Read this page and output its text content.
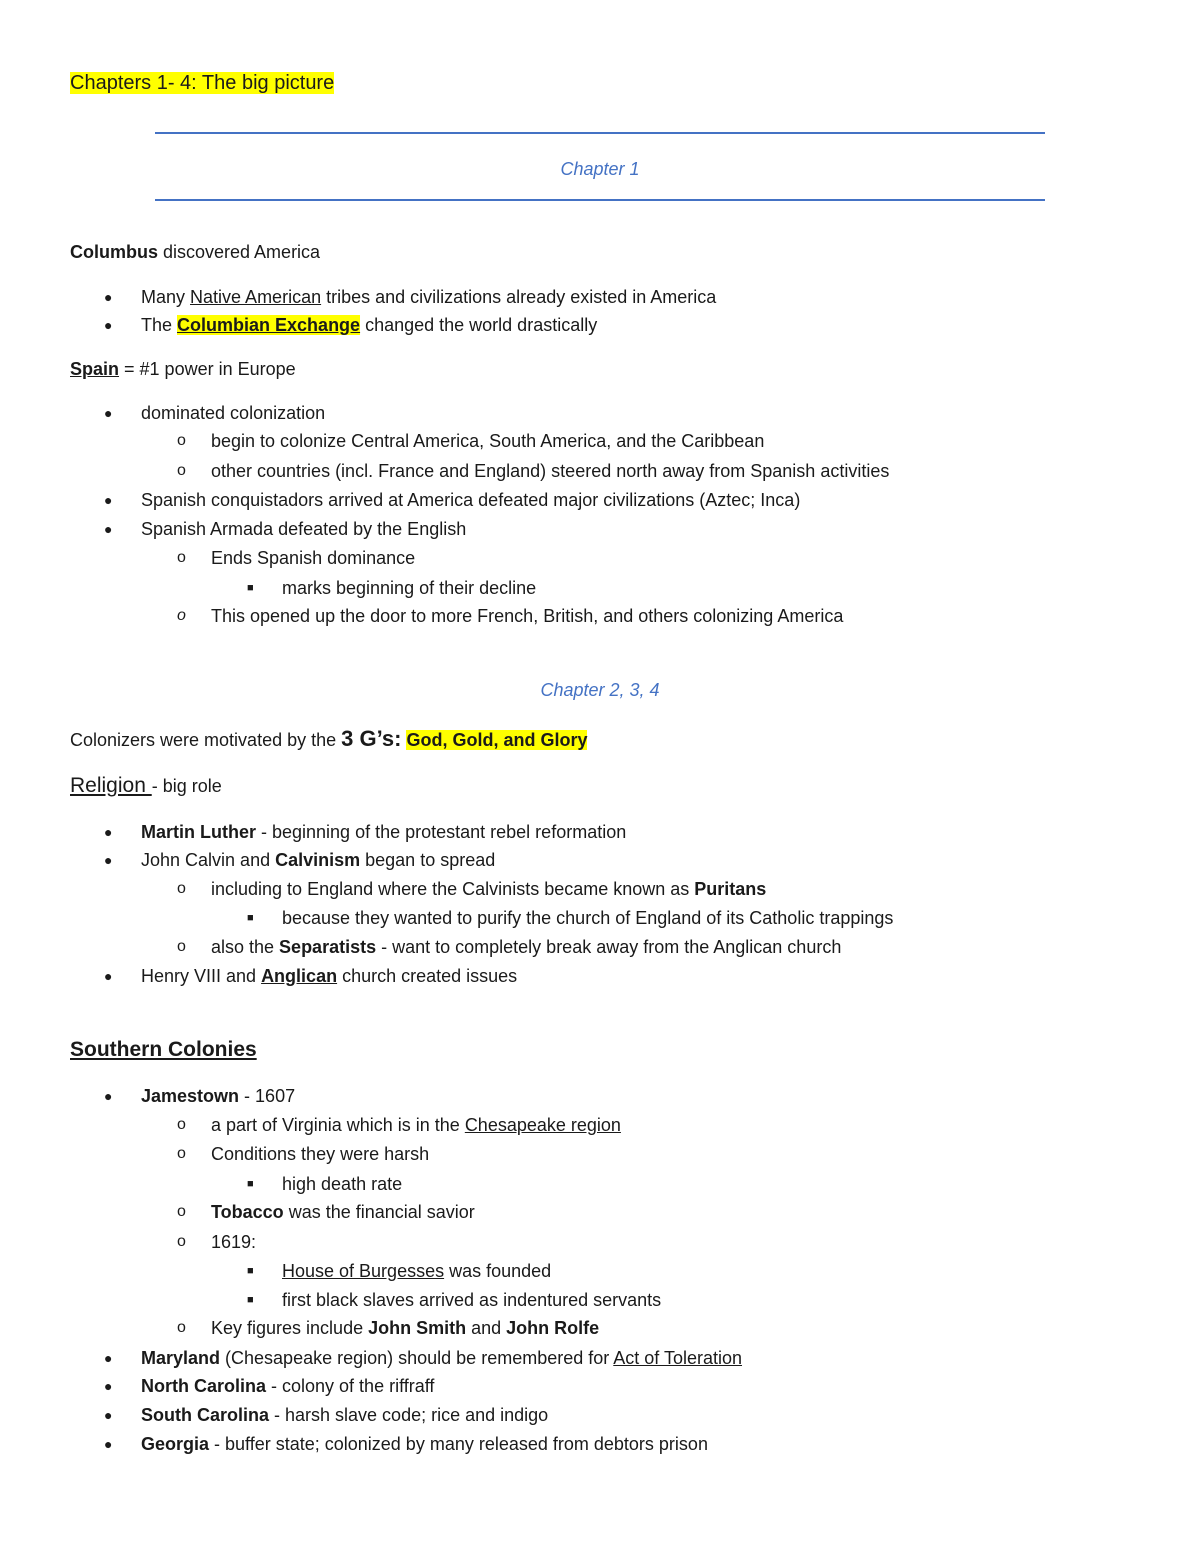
Chapters 1- 4: The big picture
Chapter 1
Columbus discovered America
● Many Native American tribes and civilizations already existed in America
● The Columbian Exchange changed the world drastically
Spain = #1 power in Europe
● dominated colonization
o begin to colonize Central America, South America, and the Caribbean
o other countries (incl. France and England) steered north away from Spanish activities
● Spanish conquistadors arrived at America defeated major civilizations (Aztec; Inca)
● Spanish Armada defeated by the English
o Ends Spanish dominance
■ marks beginning of their decline
o This opened up the door to more French, British, and others colonizing America
Chapter 2, 3, 4
Colonizers were motivated by the 3 G’s: God, Gold, and Glory
Religion - big role
● Martin Luther - beginning of the protestant rebel reformation
● John Calvin and Calvinism began to spread
o including to England where the Calvinists became known as Puritans
■ because they wanted to purify the church of England of its Catholic trappings
o also the Separatists - want to completely break away from the Anglican church
● Henry VIII and Anglican church created issues
Southern Colonies
● Jamestown - 1607
o a part of Virginia which is in the Chesapeake region
o Conditions they were harsh
■ high death rate
o Tobacco was the financial savior
o 1619:
■ House of Burgesses was founded
■ first black slaves arrived as indentured servants
o Key figures include John Smith and John Rolfe
● Maryland (Chesapeake region) should be remembered for Act of Toleration
● North Carolina - colony of the riffraff
● South Carolina - harsh slave code; rice and indigo
● Georgia - buffer state; colonized by many released from debtors prison
